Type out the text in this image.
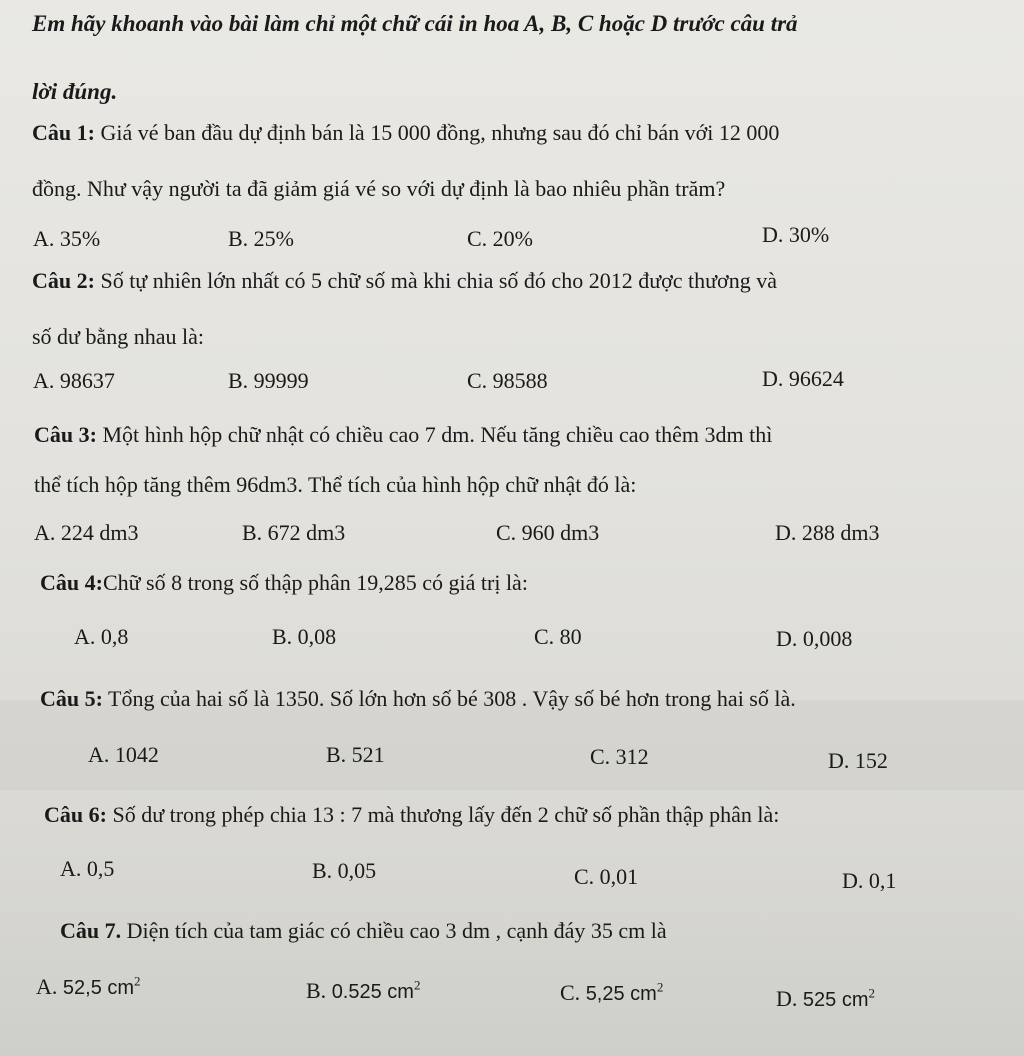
Em hãy khoanh vào bài làm chỉ một chữ cái in hoa A, B, C hoặc D trước câu trả
lời đúng.
Câu 1: Giá vé ban đầu dự định bán là 15 000 đồng, nhưng sau đó chỉ bán với 12 000
đồng. Như vậy người ta đã giảm giá vé so với dự định là bao nhiêu phần trăm?
A. 35%	B. 25%	C. 20%	D. 30%
Câu 2: Số tự nhiên lớn nhất có 5 chữ số mà khi chia số đó cho 2012 được thương và
số dư bằng nhau là:
A. 98637	B. 99999	C. 98588	D. 96624
Câu 3: Một hình hộp chữ nhật có chiều cao 7 dm. Nếu tăng chiều cao thêm 3dm thì
thể tích hộp tăng thêm 96dm3. Thể tích của hình hộp chữ nhật đó là:
A. 224 dm3	B. 672 dm3	C. 960 dm3	D. 288 dm3
Câu 4:Chữ số 8 trong số thập phân 19,285 có giá trị là:
A. 0,8	B. 0,08	C. 80	D. 0,008
Câu 5: Tổng của hai số là 1350. Số lớn hơn số bé 308 . Vậy số bé hơn trong hai số là.
A. 1042	B. 521	C. 312	D. 152
Câu 6: Số dư trong phép chia 13 : 7 mà thương lấy đến 2 chữ số phần thập phân là:
A. 0,5	B. 0,05	C. 0,01	D. 0,1
Câu 7. Diện tích của tam giác có chiều cao 3 dm , cạnh đáy 35 cm là
A. 52,5 $cm^2$	B. 0.525 $cm^2$	C. 5,25 $cm^2$	D. 525 $cm^2$
